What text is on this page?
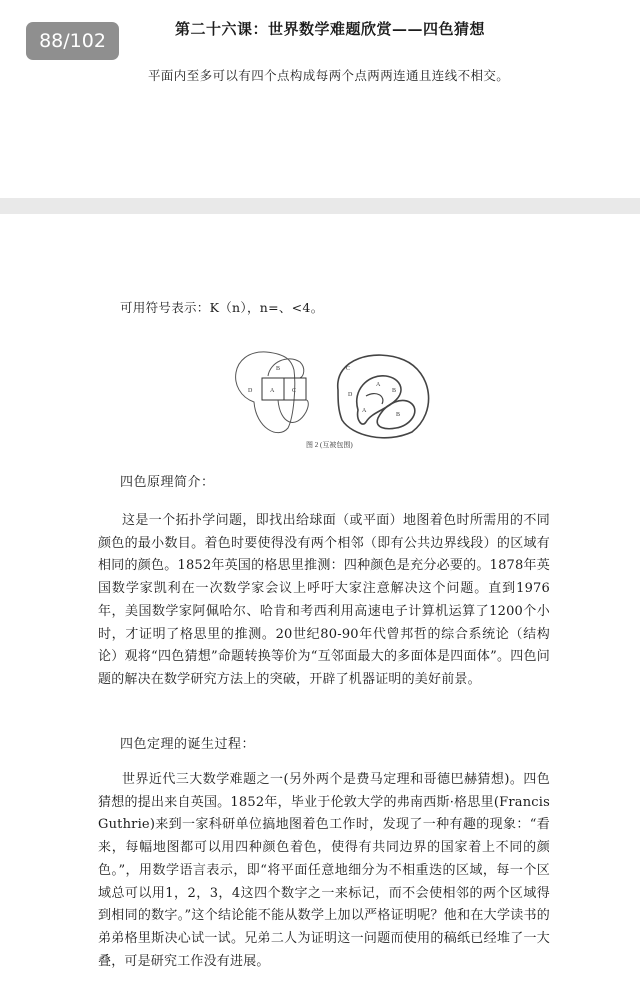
第二十六课：世界数学难题欣赏——四色猜想
平面内至多可以有四个点构成每两个点两两连通且连线不相交。
88/102
可用符号表示：K（n），n=、<4。
D
B
A	C
C
A
B
D
A
B
图 2 (互被包围)
四色原理简介：
这是一个拓扑学问题，即找出给球面（或平面）地图着色时所需用的不同颜色的最小数目。着色时要使得没有两个相邻（即有公共边界线段）的区域有相同的颜色。1852年英国的格思里推测：四种颜色是充分必要的。1878年英国数学家凯利在一次数学家会议上呼吁大家注意解决这个问题。直到1976年，美国数学家阿佩哈尔、哈肯和考西利用高速电子计算机运算了1200个小时，才证明了格思里的推测。20世纪80-90年代曾邦哲的综合系统论（结构论）观将“四色猜想”命题转换等价为“互邻面最大的多面体是四面体”。四色问题的解决在数学研究方法上的突破，开辟了机器证明的美好前景。
四色定理的诞生过程：
世界近代三大数学难题之一(另外两个是费马定理和哥德巴赫猜想)。四色猜想的提出来自英国。1852年，毕业于伦敦大学的弗南西斯·格思里(Francis Guthrie)来到一家科研单位搞地图着色工作时，发现了一种有趣的现象：“看来，每幅地图都可以用四种颜色着色，使得有共同边界的国家着上不同的颜色。”，用数学语言表示，即“将平面任意地细分为不相重迭的区域，每一个区域总可以用1，2，3，4这四个数字之一来标记，而不会使相邻的两个区域得到相同的数字。”这个结论能不能从数学上加以严格证明呢？他和在大学读书的弟弟格里斯决心试一试。兄弟二人为证明这一问题而使用的稿纸已经堆了一大叠，可是研究工作没有进展。
